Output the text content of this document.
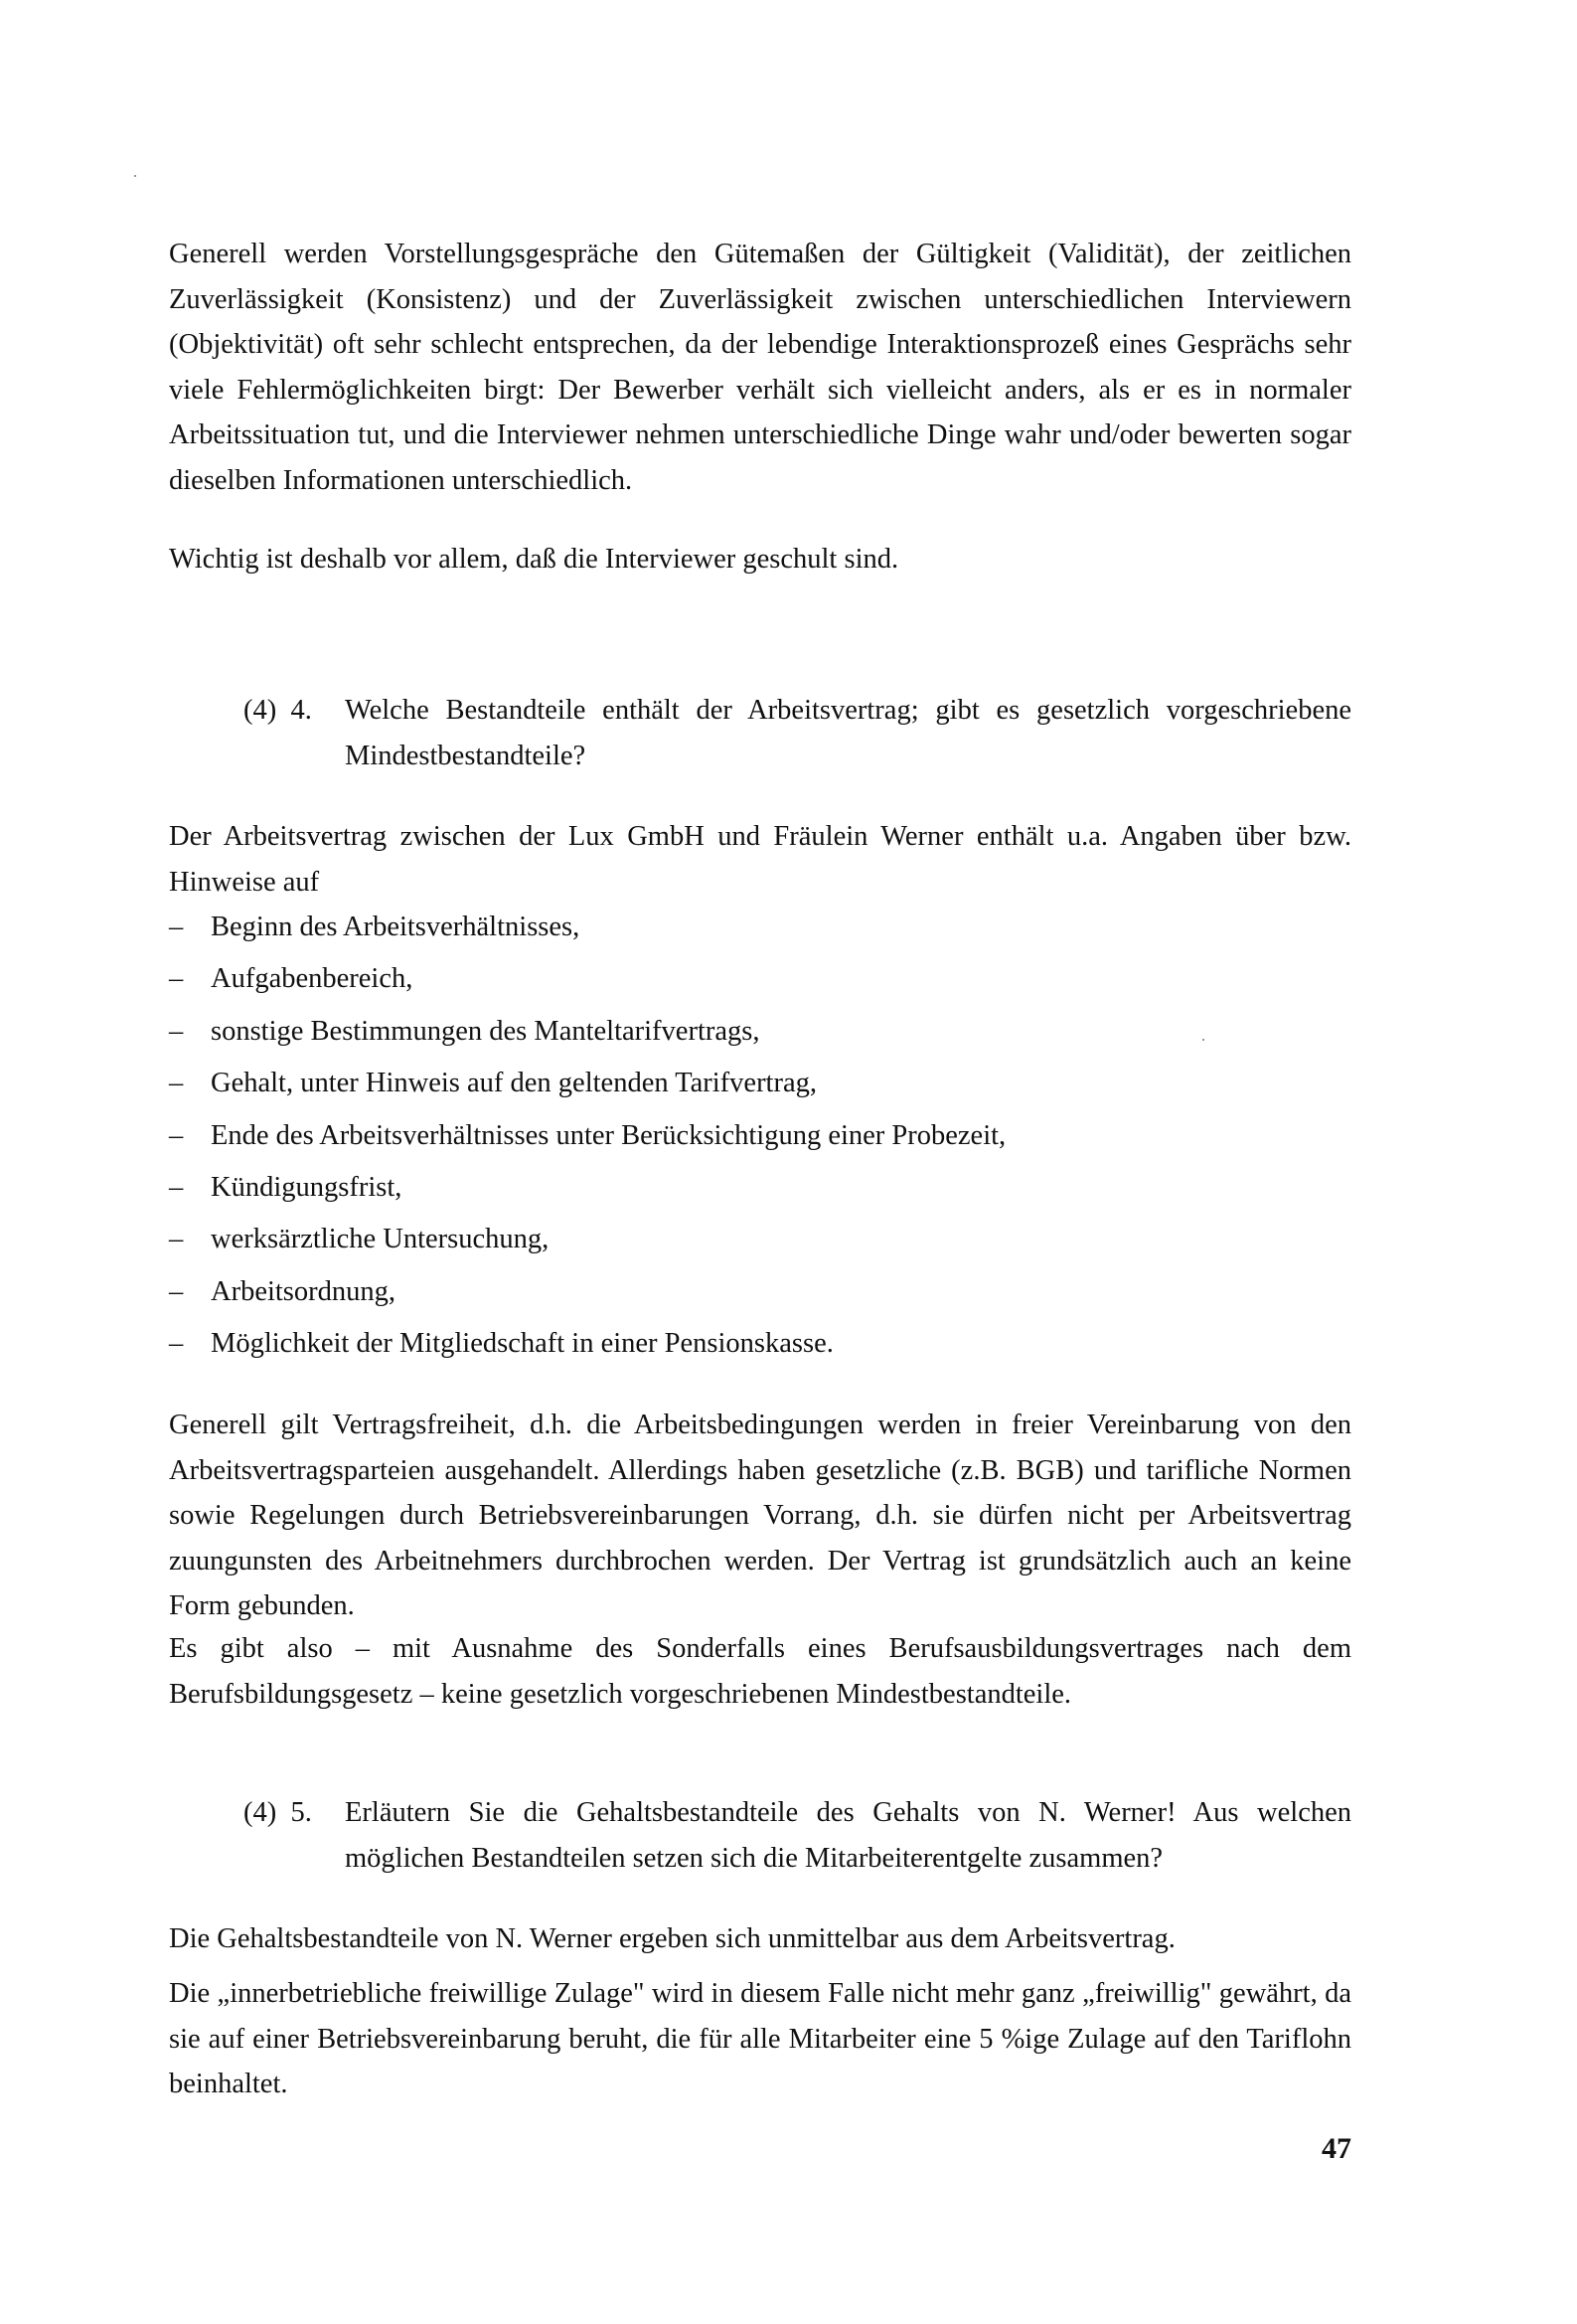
Generell werden Vorstellungsgespräche den Gütemaßen der Gültigkeit (Validität), der zeitlichen Zuverlässigkeit (Konsistenz) und der Zuverlässigkeit zwischen unterschiedlichen Interviewern (Objektivität) oft sehr schlecht entsprechen, da der lebendige Interaktionsprozeß eines Gesprächs sehr viele Fehlermöglichkeiten birgt: Der Bewerber verhält sich vielleicht anders, als er es in normaler Arbeitssituation tut, und die Interviewer nehmen unterschiedliche Dinge wahr und/oder bewerten sogar dieselben Informationen unterschiedlich.

Wichtig ist deshalb vor allem, daß die Interviewer geschult sind.

(4) 4.	Welche Bestandteile enthält der Arbeitsvertrag; gibt es gesetzlich vorgeschriebene Mindestbestandteile?

Der Arbeitsvertrag zwischen der Lux GmbH und Fräulein Werner enthält u.a. Angaben über bzw. Hinweise auf

– Beginn des Arbeitsverhältnisses,
– Aufgabenbereich,
– sonstige Bestimmungen des Manteltarifvertrags,
– Gehalt, unter Hinweis auf den geltenden Tarifvertrag,
– Ende des Arbeitsverhältnisses unter Berücksichtigung einer Probezeit,
– Kündigungsfrist,
– werksärztliche Untersuchung,
– Arbeitsordnung,
– Möglichkeit der Mitgliedschaft in einer Pensionskasse.

Generell gilt Vertragsfreiheit, d.h. die Arbeitsbedingungen werden in freier Vereinbarung von den Arbeitsvertragsparteien ausgehandelt. Allerdings haben gesetzliche (z.B. BGB) und tarifliche Normen sowie Regelungen durch Betriebsvereinbarungen Vorrang, d.h. sie dürfen nicht per Arbeitsvertrag zuungunsten des Arbeitnehmers durchbrochen werden. Der Vertrag ist grundsätzlich auch an keine Form gebunden.

Es gibt also – mit Ausnahme des Sonderfalls eines Berufsausbildungsvertrages nach dem Berufsbildungsgesetz – keine gesetzlich vorgeschriebenen Mindestbestandteile.

(4) 5.	Erläutern Sie die Gehaltsbestandteile des Gehalts von N. Werner! Aus welchen möglichen Bestandteilen setzen sich die Mitarbeiterentgelte zusammen?

Die Gehaltsbestandteile von N. Werner ergeben sich unmittelbar aus dem Arbeitsvertrag.

Die „innerbetriebliche freiwillige Zulage" wird in diesem Falle nicht mehr ganz „freiwillig" gewährt, da sie auf einer Betriebsvereinbarung beruht, die für alle Mitarbeiter eine 5 %ige Zulage auf den Tariflohn beinhaltet.

47
